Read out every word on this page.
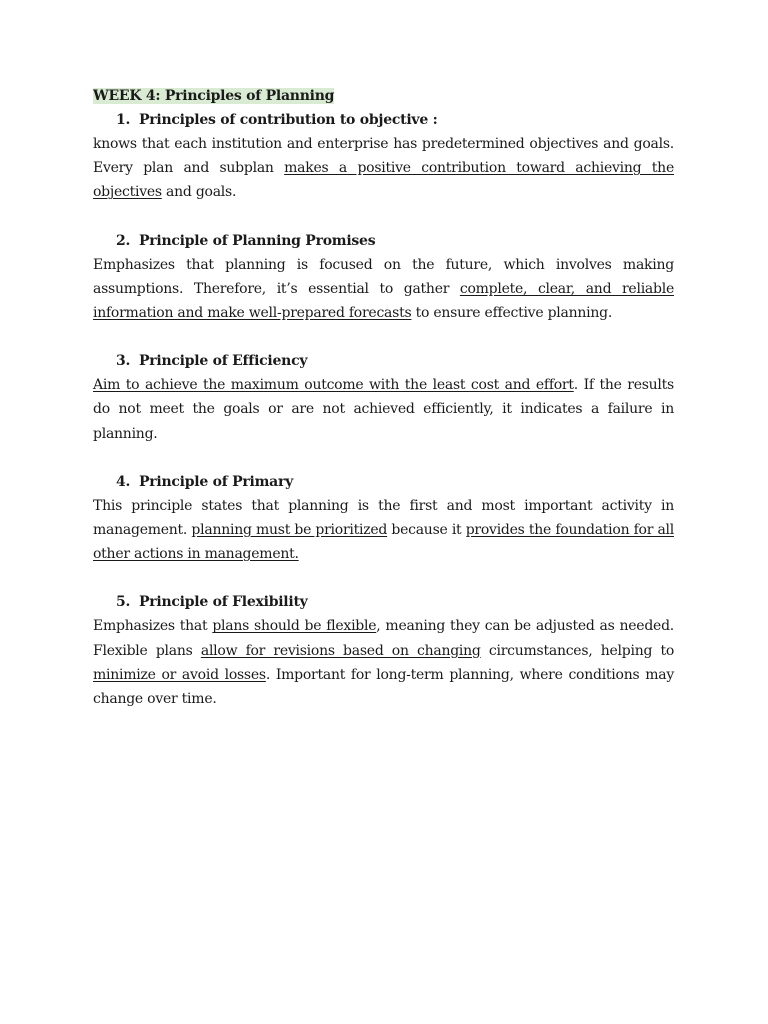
WEEK 4: Principles of Planning
1. Principles of contribution to objective :

knows that each institution and enterprise has predetermined objectives and goals. Every plan and subplan makes a positive contribution toward achieving the objectives and goals.

2. Principle of Planning Promises

Emphasizes that planning is focused on the future, which involves making assumptions. Therefore, it’s essential to gather complete, clear, and reliable information and make well-prepared forecasts to ensure effective planning.

3. Principle of Efficiency

Aim to achieve the maximum outcome with the least cost and effort. If the results do not meet the goals or are not achieved efficiently, it indicates a failure in planning.

4. Principle of Primary

This principle states that planning is the first and most important activity in management. planning must be prioritized because it provides the foundation for all other actions in management.

5. Principle of Flexibility

Emphasizes that plans should be flexible, meaning they can be adjusted as needed. Flexible plans allow for revisions based on changing circumstances, helping to minimize or avoid losses. Important for long-term planning, where conditions may change over time.
